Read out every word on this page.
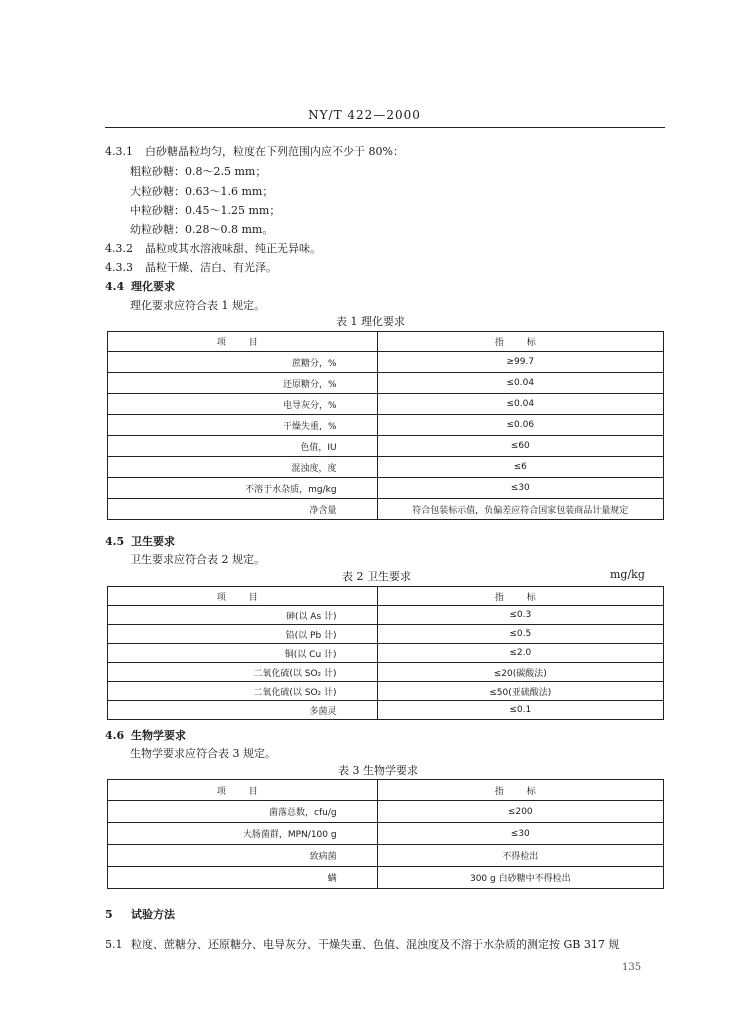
NY/T 422—2000
4.3.1 白砂糖晶粒均匀，粒度在下列范围内应不少于 80%：
粗粒砂糖：0.8～2.5 mm；
大粒砂糖：0.63～1.6 mm；
中粒砂糖：0.45～1.25 mm；
幼粒砂糖：0.28～0.8 mm。
4.3.2 晶粒或其水溶液味甜、纯正无异味。
4.3.3 晶粒干燥、洁白、有光泽。
4.4 理化要求
理化要求应符合表 1 规定。
表 1 理化要求
项 目	指 标
蔗糖分，%	≥99.7
还原糖分，%	≤0.04
电导灰分，%	≤0.04
干燥失重，%	≤0.06
色值，IU	≤60
混浊度，度	≤6
不溶于水杂质，mg/kg	≤30
净含量	符合包装标示值，负偏差应符合国家包装商品计量规定
4.5 卫生要求
卫生要求应符合表 2 规定。
表 2 卫生要求	mg/kg
项 目	指 标
砷(以 As 计)	≤0.3
铅(以 Pb 计)	≤0.5
铜(以 Cu 计)	≤2.0
二氧化硫(以 SO₂ 计)	≤20(碳酸法)
二氧化硫(以 SO₂ 计)	≤50(亚硫酸法)
多菌灵	≤0.1
4.6 生物学要求
生物学要求应符合表 3 规定。
表 3 生物学要求
项 目	指 标
菌落总数，cfu/g	≤200
大肠菌群，MPN/100 g	≤30
致病菌	不得检出
螨	300 g 白砂糖中不得检出
5 试验方法
5.1 粒度、蔗糖分、还原糖分、电导灰分、干燥失重、色值、混浊度及不溶于水杂质的测定按 GB 317 规
135
